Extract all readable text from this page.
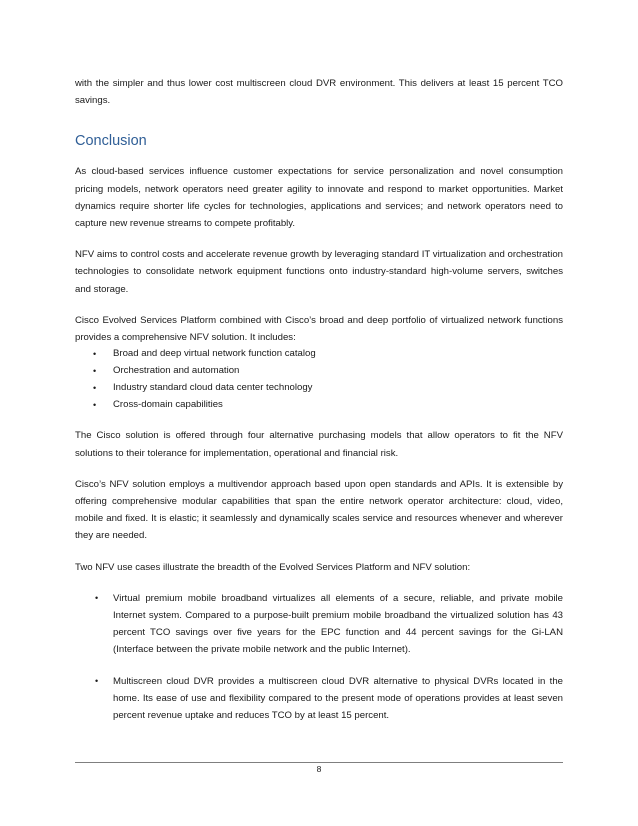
with the simpler and thus lower cost multiscreen cloud DVR environment. This delivers at least 15 percent TCO savings.

Conclusion

As cloud-based services influence customer expectations for service personalization and novel consumption pricing models, network operators need greater agility to innovate and respond to market opportunities. Market dynamics require shorter life cycles for technologies, applications and services; and network operators need to capture new revenue streams to compete profitably.

NFV aims to control costs and accelerate revenue growth by leveraging standard IT virtualization and orchestration technologies to consolidate network equipment functions onto industry-standard high-volume servers, switches and storage.

Cisco Evolved Services Platform combined with Cisco’s broad and deep portfolio of virtualized network functions provides a comprehensive NFV solution. It includes:

• Broad and deep virtual network function catalog
• Orchestration and automation
• Industry standard cloud data center technology
• Cross-domain capabilities

The Cisco solution is offered through four alternative purchasing models that allow operators to fit the NFV solutions to their tolerance for implementation, operational and financial risk.

Cisco’s NFV solution employs a multivendor approach based upon open standards and APIs. It is extensible by offering comprehensive modular capabilities that span the entire network operator architecture: cloud, video, mobile and fixed. It is elastic; it seamlessly and dynamically scales service and resources whenever and wherever they are needed.

Two NFV use cases illustrate the breadth of the Evolved Services Platform and NFV solution:

• Virtual premium mobile broadband virtualizes all elements of a secure, reliable, and private mobile Internet system. Compared to a purpose-built premium mobile broadband the virtualized solution has 43 percent TCO savings over five years for the EPC function and 44 percent savings for the Gi-LAN (Interface between the private mobile network and the public Internet).
• Multiscreen cloud DVR provides a multiscreen cloud DVR alternative to physical DVRs located in the home. Its ease of use and flexibility compared to the present mode of operations provides at least seven percent revenue uptake and reduces TCO by at least 15 percent.
8
